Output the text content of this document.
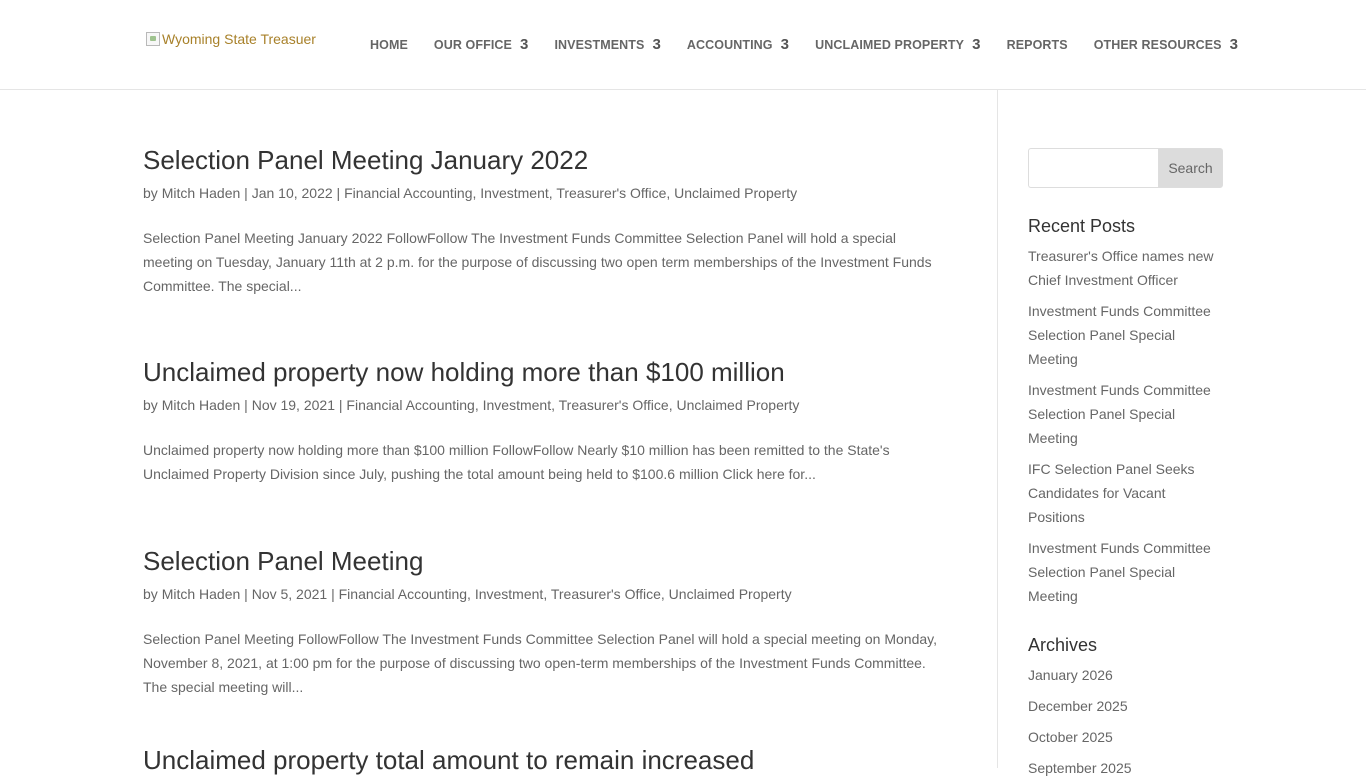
Wyoming State Treasuer	HOME OUR OFFICE 3 INVESTMENTS 3 ACCOUNTING 3 UNCLAIMED PROPERTY 3 REPORTS OTHER RESOURCES 3
Selection Panel Meeting January 2022
by Mitch Haden | Jan 10, 2022 | Financial Accounting, Investment, Treasurer's Office, Unclaimed Property
Selection Panel Meeting January 2022 FollowFollow The Investment Funds Committee Selection Panel will hold a special meeting on Tuesday, January 11th at 2 p.m. for the purpose of discussing two open term memberships of the Investment Funds Committee. The special...
Unclaimed property now holding more than $100 million
by Mitch Haden | Nov 19, 2021 | Financial Accounting, Investment, Treasurer's Office, Unclaimed Property
Unclaimed property now holding more than $100 million FollowFollow Nearly $10 million has been remitted to the State's Unclaimed Property Division since July, pushing the total amount being held to $100.6 million Click here for...
Selection Panel Meeting
by Mitch Haden | Nov 5, 2021 | Financial Accounting, Investment, Treasurer's Office, Unclaimed Property
Selection Panel Meeting FollowFollow The Investment Funds Committee Selection Panel will hold a special meeting on Monday, November 8, 2021, at 1:00 pm for the purpose of discussing two open-term memberships of the Investment Funds Committee. The special meeting will...
Unclaimed property total amount to remain increased
Search
Recent Posts
Treasurer's Office names new Chief Investment Officer
Investment Funds Committee Selection Panel Special Meeting
Investment Funds Committee Selection Panel Special Meeting
IFC Selection Panel Seeks Candidates for Vacant Positions
Investment Funds Committee Selection Panel Special Meeting
Archives
January 2026
December 2025
October 2025
September 2025
